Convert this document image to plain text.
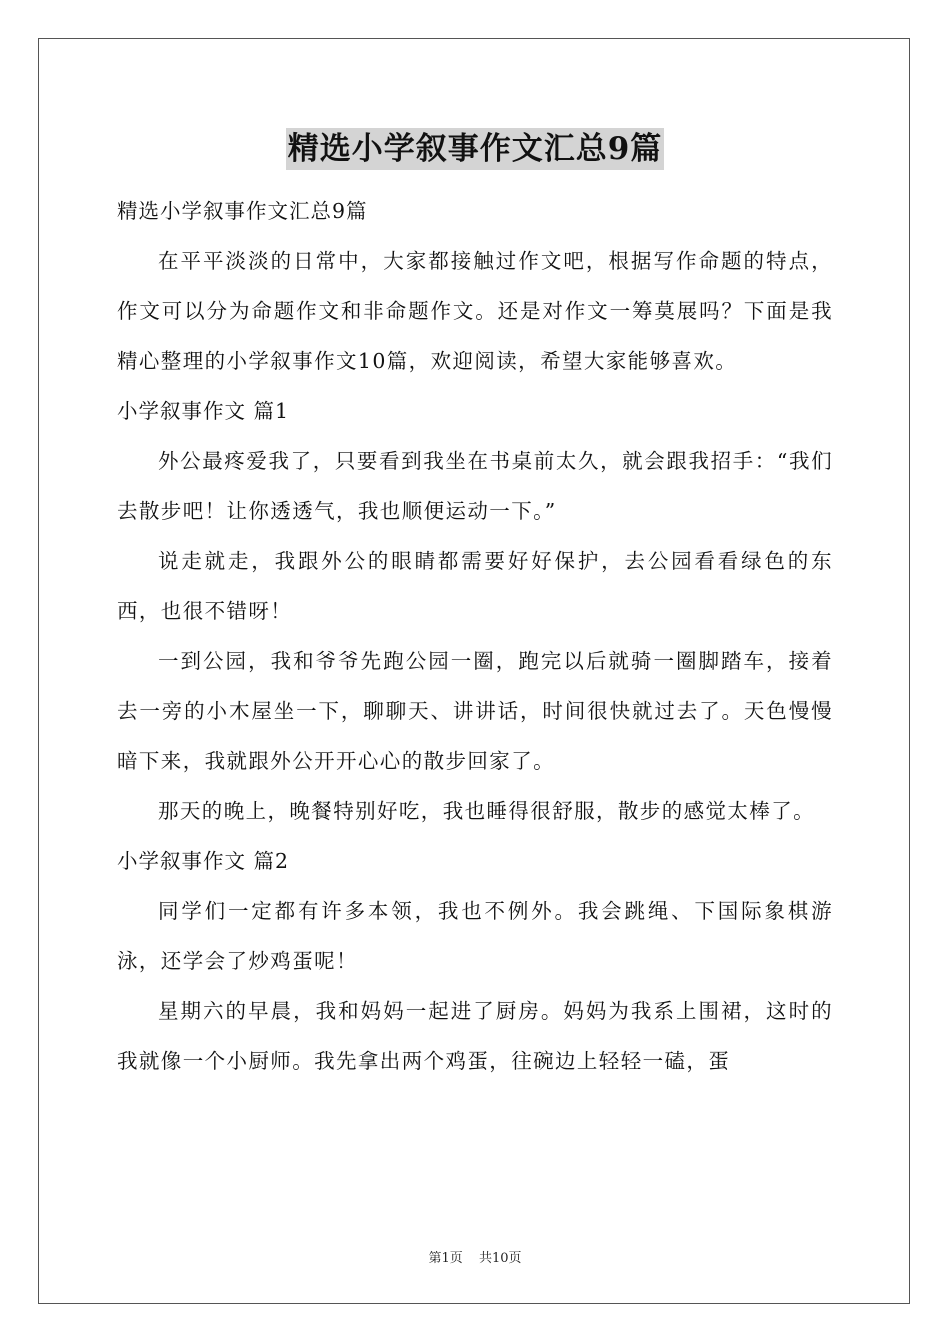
精选小学叙事作文汇总9篇

精选小学叙事作文汇总9篇

在平平淡淡的日常中，大家都接触过作文吧，根据写作命题的特点，作文可以分为命题作文和非命题作文。还是对作文一筹莫展吗？下面是我精心整理的小学叙事作文10篇，欢迎阅读，希望大家能够喜欢。

小学叙事作文 篇1

外公最疼爱我了，只要看到我坐在书桌前太久，就会跟我招手：“我们去散步吧！让你透透气，我也顺便运动一下。”

说走就走，我跟外公的眼睛都需要好好保护，去公园看看绿色的东西，也很不错呀！

一到公园，我和爷爷先跑公园一圈，跑完以后就骑一圈脚踏车，接着去一旁的小木屋坐一下，聊聊天、讲讲话，时间很快就过去了。天色慢慢暗下来，我就跟外公开开心心的散步回家了。

那天的晚上，晚餐特别好吃，我也睡得很舒服，散步的感觉太棒了。

小学叙事作文 篇2

同学们一定都有许多本领，我也不例外。我会跳绳、下国际象棋游泳，还学会了炒鸡蛋呢！

星期六的早晨，我和妈妈一起进了厨房。妈妈为我系上围裙，这时的我就像一个小厨师。我先拿出两个鸡蛋，往碗边上轻轻一磕，蛋

第1页 共10页
